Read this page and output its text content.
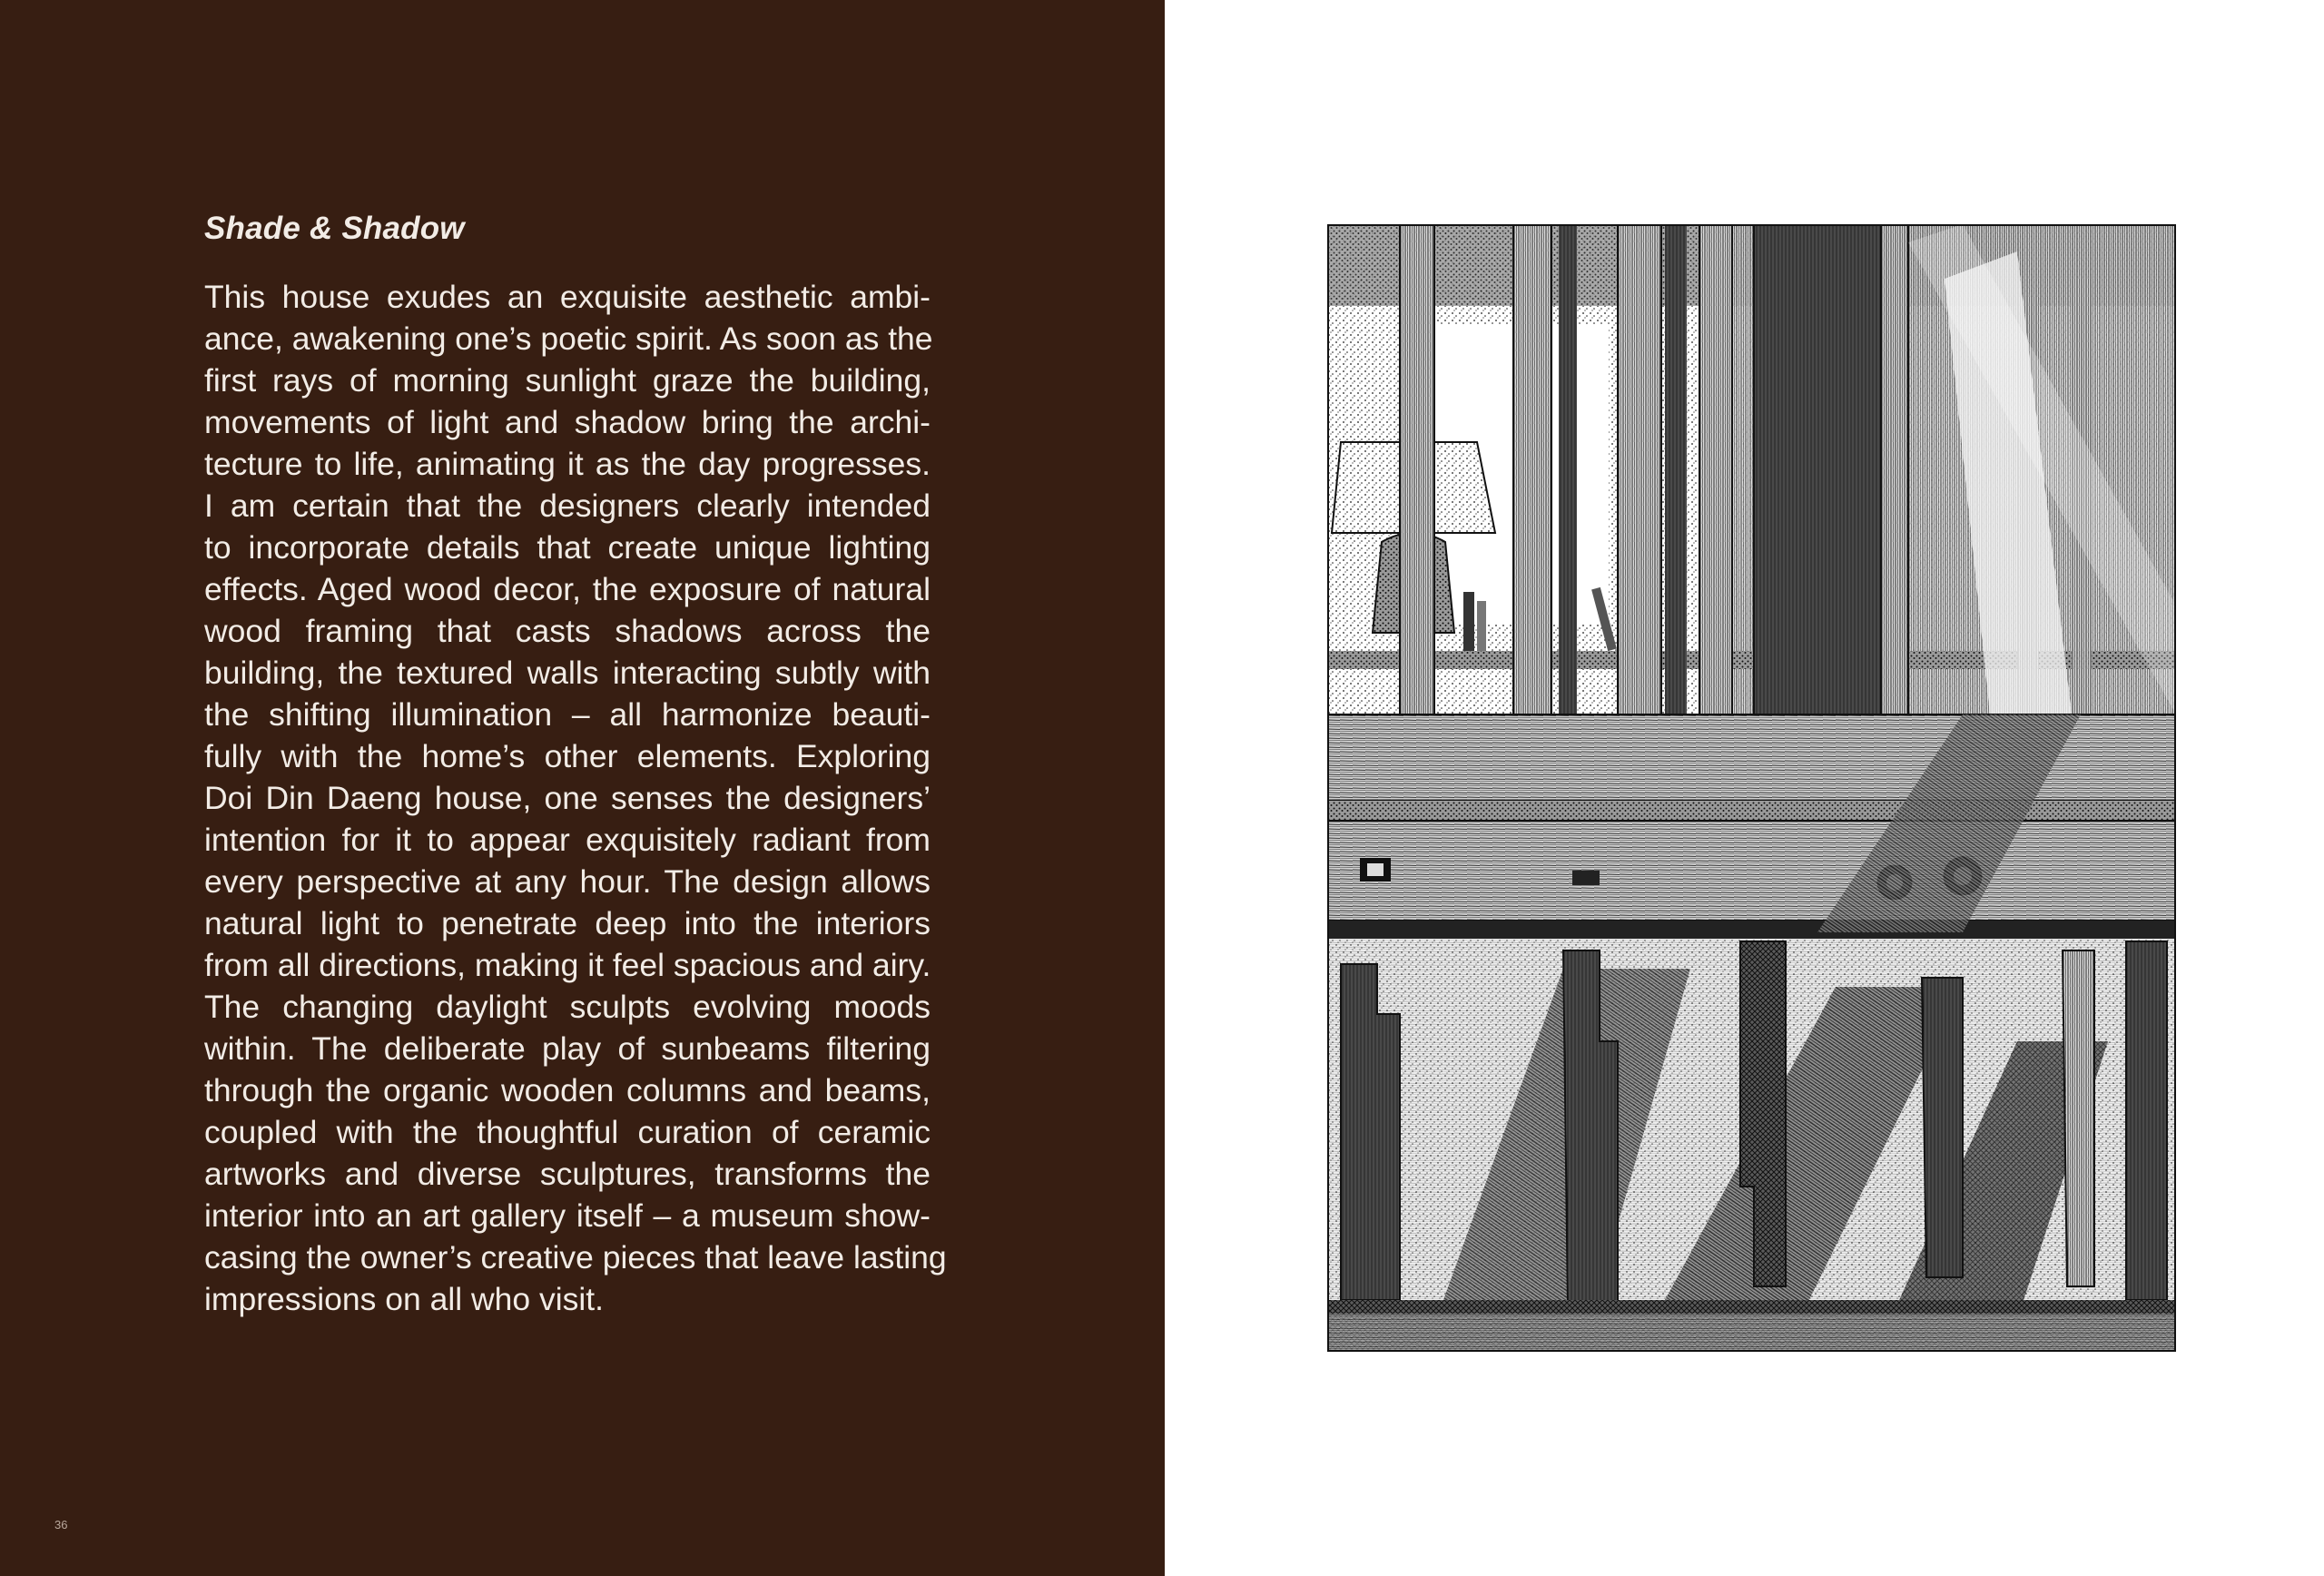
Shade & Shadow
This house exudes an exquisite aesthetic ambi-
ance, awakening one’s poetic spirit. As soon as the
first rays of morning sunlight graze the building,
movements of light and shadow bring the archi-
tecture to life, animating it as the day progresses.
I am certain that the designers clearly intended
to incorporate details that create unique lighting
effects. Aged wood decor, the exposure of natural
wood framing that casts shadows across the
building, the textured walls interacting subtly with
the shifting illumination – all harmonize beauti-
fully with the home’s other elements. Exploring
Doi Din Daeng house, one senses the designers’
intention for it to appear exquisitely radiant from
every perspective at any hour. The design allows
natural light to penetrate deep into the interiors
from all directions, making it feel spacious and airy.
The changing daylight sculpts evolving moods
within. The deliberate play of sunbeams filtering
through the organic wooden columns and beams,
coupled with the thoughtful curation of ceramic
artworks and diverse sculptures, transforms the
interior into an art gallery itself – a museum show-
casing the owner’s creative pieces that leave lasting
impressions on all who visit.
36
